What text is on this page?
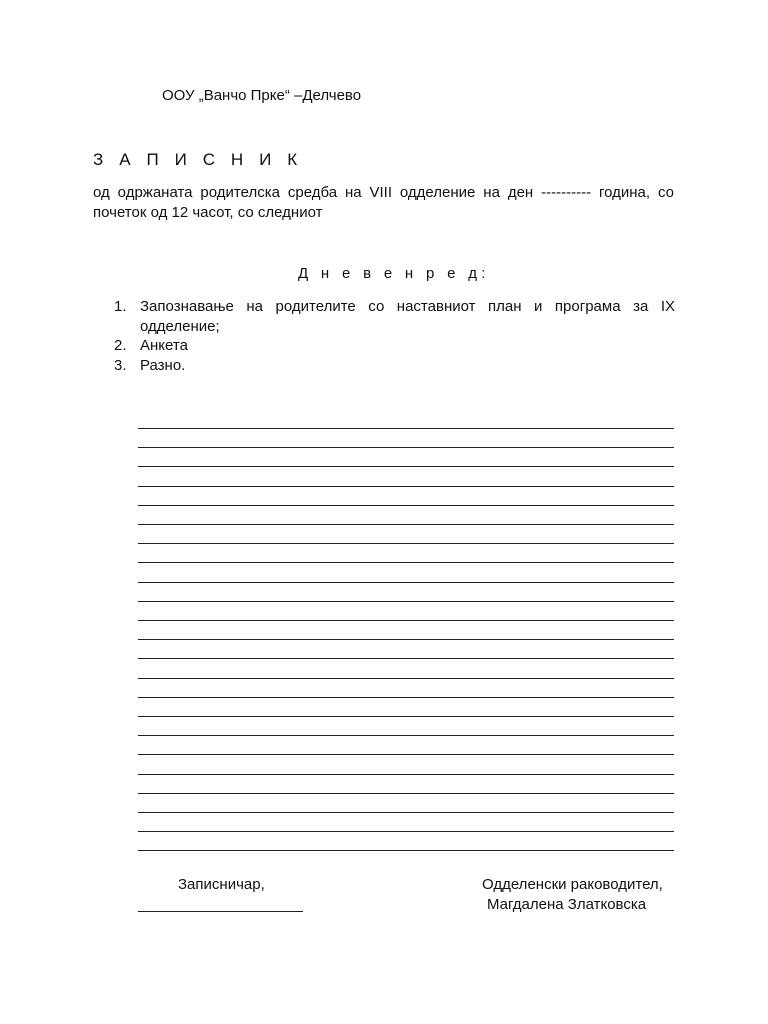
ООУ „Ванчо Прке“ –Делчево
З А П И С Н И К
од одржаната родителска средба на VIII одделение на ден ---------- година, со почеток од 12 часот, со следниот
Д н е в е н р е д:
1. Запознавање на родителите со наставниот план и програма за IX одделение;
2. Анкета
3. Разно.
Записничар,	Одделенски раководител,
Магдалена Златковска
